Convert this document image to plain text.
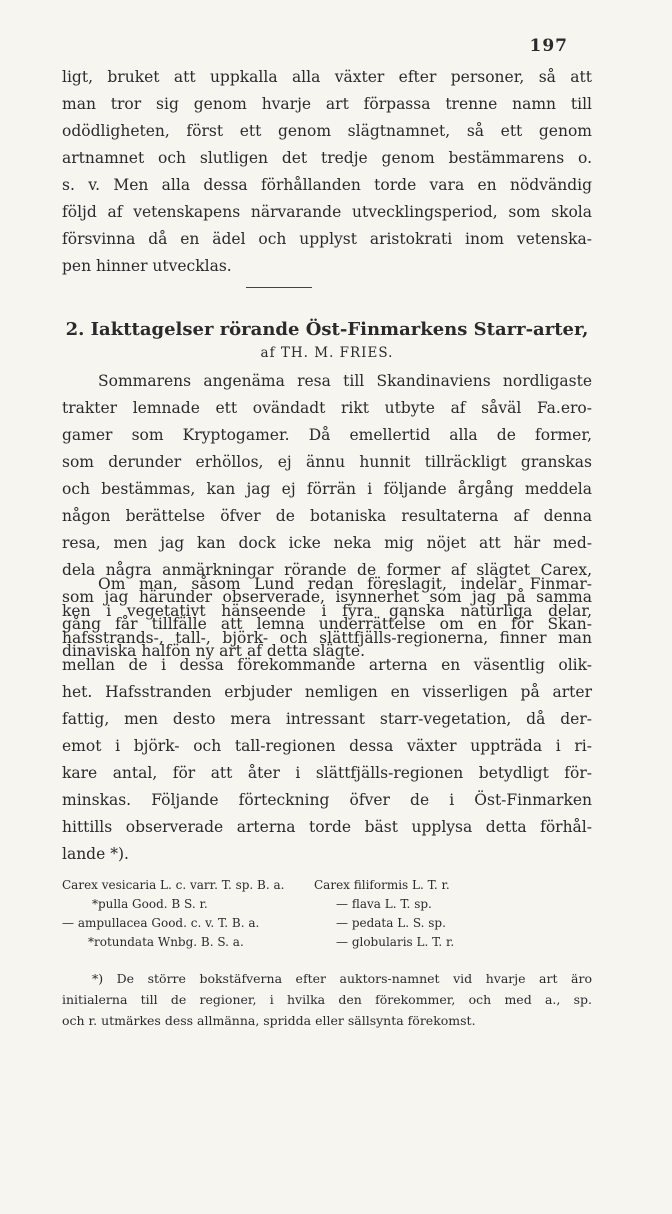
197
ligt, bruket att uppkalla alla växter efter personer, så att
man tror sig genom hvarje art förpassa trenne namn till
odödligheten, först ett genom slägtnamnet, så ett genom
artnamnet och slutligen det tredje genom bestämmarens o.
s. v. Men alla dessa förhållanden torde vara en nödvändig
följd af vetenskapens närvarande utvecklingsperiod, som skola
försvinna då en ädel och upplyst aristokrati inom vetenska-
pen hinner utvecklas.
2. Iakttagelser rörande Öst-Finmarkens Starr-arter,
af TH. M. FRIES.
Sommarens angenäma resa till Skandinaviens nordligaste
trakter lemnade ett ovändadt rikt utbyte af såväl Fa.ero-
gamer som Kryptogamer. Då emellertid alla de former,
som derunder erhöllos, ej ännu hunnit tillräckligt granskas
och bestämmas, kan jag ej förrän i följande årgång meddela
någon berättelse öfver de botaniska resultaterna af denna
resa, men jag kan dock icke neka mig nöjet att här med-
dela några anmärkningar rörande de former af slägtet Carex,
som jag härunder observerade, isynnerhet som jag på samma
gång får tillfälle att lemna underrättelse om en för Skan-
dinaviska halfön ny art af detta slägte.
Om man, såsom Lund redan föreslagit, indelar Finmar-
ken i vegetativt hänseende i fyra ganska naturliga delar,
hafsstrands-, tall-, björk- och slättfjälls-regionerna, finner man
mellan de i dessa förekommande arterna en väsentlig olik-
het. Hafsstranden erbjuder nemligen en visserligen på arter
fattig, men desto mera intressant starr-vegetation, då der-
emot i björk- och tall-regionen dessa växter uppträda i ri-
kare antal, för att åter i slättfjälls-regionen betydligt för-
minskas. Följande förteckning öfver de i Öst-Finmarken
hittills observerade arterna torde bäst upplysa detta förhål-
lande *).
Carex vesicaria L. c. varr. T. sp. B. a.	Carex filiformis L. T. r.
*pulla Good. B S. r.	— flava L. T. sp.
— ampullacea Good. c. v. T. B. a.	— pedata L. S. sp.
*rotundata Wnbg. B. S. a.	— globularis L. T. r.
*) De större bokstäfverna efter auktors-namnet vid hvarje art äro
initialerna till de regioner, i hvilka den förekommer, och med a., sp.
och r. utmärkes dess allmänna, spridda eller sällsynta förekomst.
